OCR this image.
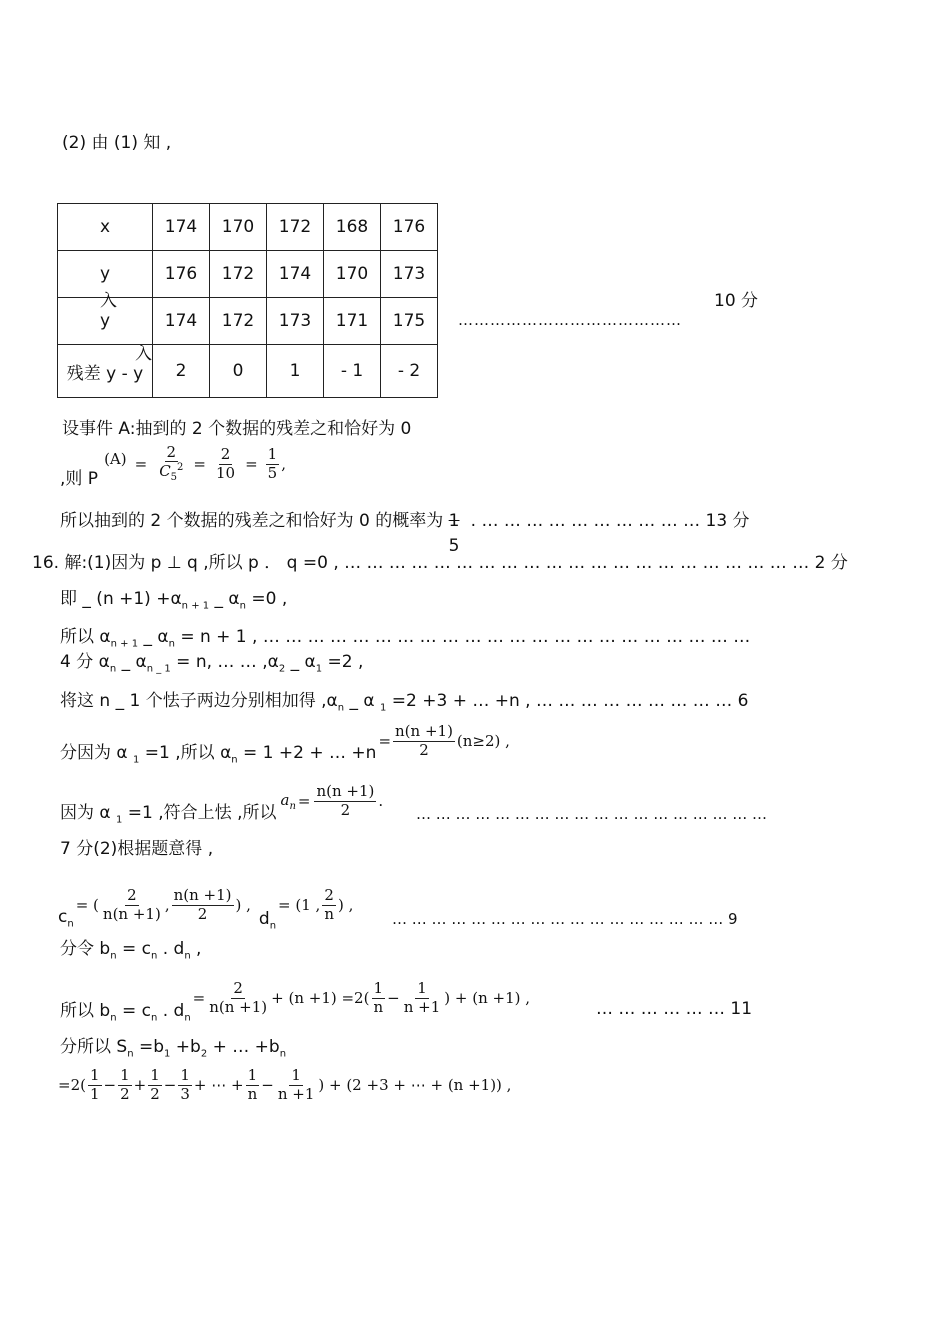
(2) 由 (1) 知 ,
x	174	170	172	168	176
y	176	172	174	170	173

入
y	174	172	173	171	175

入
残差 y - y	2	0	1	- 1	- 2
……………………………………
10 分
设事件 A:抽到的 2 个数据的残差之和恰好为 0
,则 P
$(A) = \frac{2}{C_5^2} = \frac{2}{10} = \frac{1}{5}$ ,
所以抽到的 2 个数据的残差之和恰好为 0 的概率为 1
5
. … … … … … … … … … … 13 分
16. 解:(1)因为 p ⊥ q ,所以 p ． q =0 , … … … … … … … … … … … … … … … … … … … … … 2 分
即 _ $(n +1) +\alpha_{n + 1}$ _ $\alpha_n =0$ ,
所以 $\alpha_{n + 1}$ _ $\alpha_n = n + 1$ , … … … … … … … … … … … … … … … … … … … … … …
4 分 $\alpha_n$ _ $\alpha_{n \_ 1} = n$, … … $,\alpha_2$ _ $\alpha_1 =2$ ,
将这 n _ 1 个怯子两边分别相加得 $,\alpha_n$ _ α $_1$ =2 +3 + … +n , … … … … … … … … … 6
分因为 α $_1$ =1 ,所以 $\alpha_n = 1 +2$ + … +n
= $\frac{n(n +1)}{2} (n\ge 2)$ ,
因为 α $_1$ =1 ,符合上怯 ,所以
$a_n = \frac{n(n +1)}{2}$ .
… … … … … … … … … … … … … … … … … …
7 分(2)根据题意得 ,
$c_n$
= ( $\frac{2}{n(n +1)}$ , $\frac{n(n +1)}{2}$ ) ,
$d_n$
= (1 , $\frac{2}{n}$ ) ,
… … … … … … … … … … … … … … … … … 9
分令 $b_n = c_n$ . $d_n$ ,
所以 $b_n = c_n$ . $d_n$
= $\frac{2}{n(n +1)} + (n +1) =2( \frac{1}{n} - \frac{1}{n +1}$ ) + (n +1) ,
… … … … … … 11
分所以 $S_n =b_1 +b_2$ + … $+b_n$
$=2( \frac{1}{1} - \frac{1}{2} + \frac{1}{2} - \frac{1}{3}$ + ⋯ + $\frac{1}{n} - \frac{1}{n +1}$ ) + (2 +3 + ⋯ + (n +1)) ,
